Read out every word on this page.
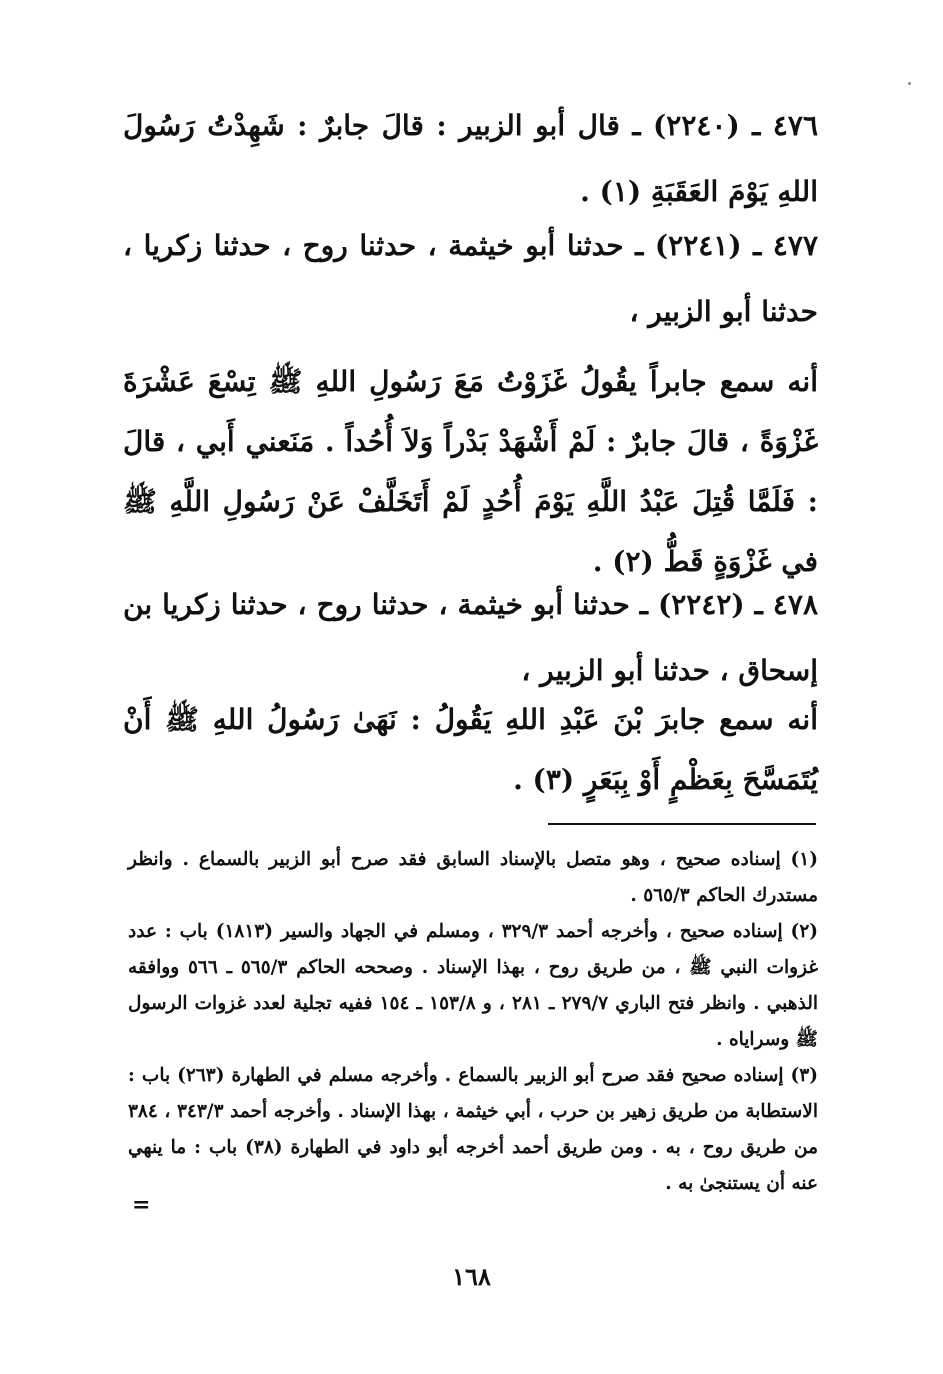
٤٧٦ ـ (٢٢٤٠) ـ قال أبو الزبير : قالَ جابرٌ : شَهِدْتُ رَسُولَ اللهِ يَوْمَ العَقَبَةِ (١) .
٤٧٧ ـ (٢٢٤١) ـ حدثنا أبو خيثمة ، حدثنا روح ، حدثنا زكريا ، حدثنا أبو الزبير ،
أنه سمع جابراً يقُولُ غَزَوْتُ مَعَ رَسُولِ اللهِ ﷺ تِسْعَ عَشْرَةَ غَزْوَةً ، قالَ جابرٌ : لَمْ أَشْهَدْ بَدْراً وَلاَ أُحُداً . مَنَعني أَبي ، قالَ : فَلَمَّا قُتِلَ عَبْدُ اللَّهِ يَوْمَ أُحُدٍ لَمْ أَتَخَلَّفْ عَنْ رَسُولِ اللَّهِ ﷺ في غَزْوَةٍ قَطُّ (٢) .
٤٧٨ ـ (٢٢٤٢) ـ حدثنا أبو خيثمة ، حدثنا روح ، حدثنا زكريا بن إسحاق ، حدثنا أبو الزبير ،
أنه سمع جابرَ بْنَ عَبْدِ اللهِ يَقُولُ : نَهَىٰ رَسُولُ اللهِ ﷺ أَنْ يُتَمَسَّحَ بِعَظْمٍ أَوْ بِبَعَرٍ (٣) .
(١) إسناده صحيح ، وهو متصل بالإسناد السابق فقد صرح أبو الزبير بالسماع . وانظر مستدرك الحاكم ٥٦٥/٣ .
(٢) إسناده صحيح ، وأخرجه أحمد ٣٢٩/٣ ، ومسلم في الجهاد والسير (١٨١٣) باب : عدد غزوات النبي ﷺ ، من طريق روح ، بهذا الإسناد . وصححه الحاكم ٥٦٥/٣ ـ ٥٦٦ ووافقه الذهبي . وانظر فتح الباري ٢٧٩/٧ ـ ٢٨١ ، و ١٥٣/٨ ـ ١٥٤ ففيه تجلية لعدد غزوات الرسول ﷺ وسراياه .
(٣) إسناده صحيح فقد صرح أبو الزبير بالسماع . وأخرجه مسلم في الطهارة (٢٦٣) باب : الاستطابة من طريق زهير بن حرب ، أبي خيثمة ، بهذا الإسناد . وأخرجه أحمد ٣٤٣/٣ ، ٣٨٤ من طريق روح ، به . ومن طريق أحمد أخرجه أبو داود في الطهارة (٣٨) باب : ما ينهي عنه أن يستنجىٰ به .
=
١٦٨
